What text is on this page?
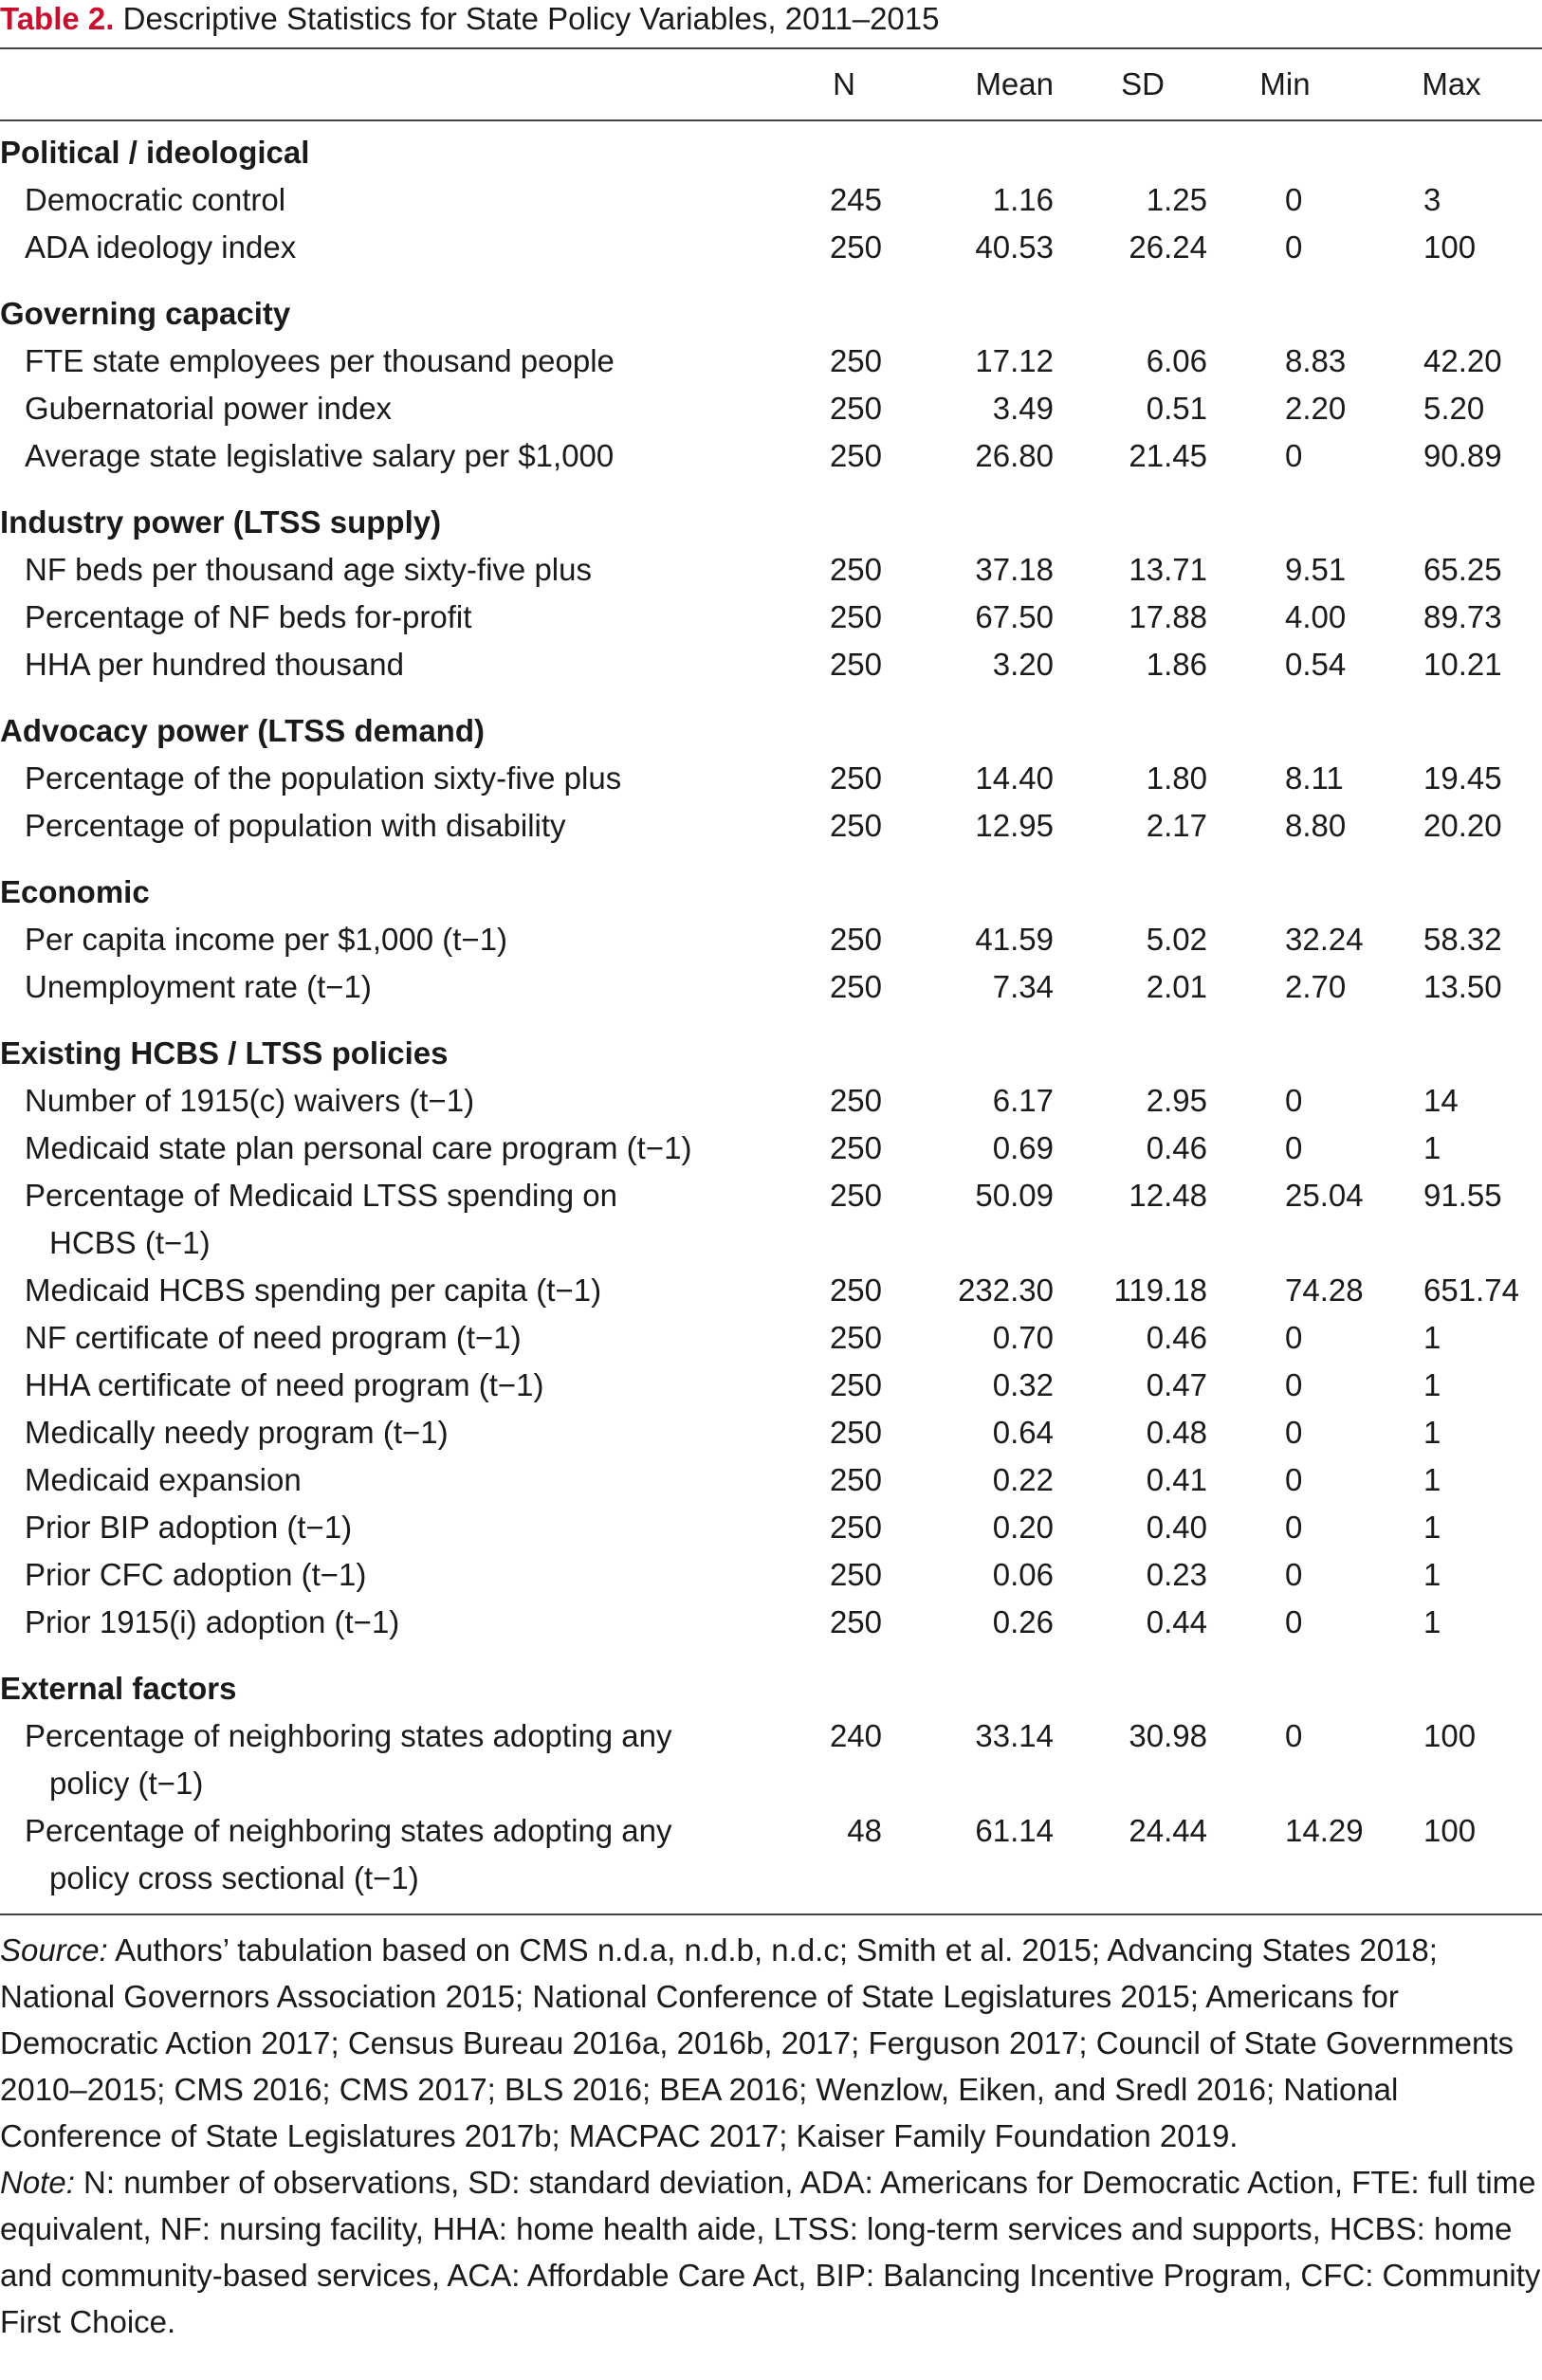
Table 2. Descriptive Statistics for State Policy Variables, 2011–2015
	N	Mean	SD	Min	Max
Political / ideological					
Democratic control	245	1.16	1.25	0	3
ADA ideology index	250	40.53	26.24	0	100
Governing capacity					
FTE state employees per thousand people	250	17.12	6.06	8.83	42.20
Gubernatorial power index	250	3.49	0.51	2.20	5.20
Average state legislative salary per $1,000	250	26.80	21.45	0	90.89
Industry power (LTSS supply)					
NF beds per thousand age sixty-five plus	250	37.18	13.71	9.51	65.25
Percentage of NF beds for-profit	250	67.50	17.88	4.00	89.73
HHA per hundred thousand	250	3.20	1.86	0.54	10.21
Advocacy power (LTSS demand)					
Percentage of the population sixty-five plus	250	14.40	1.80	8.11	19.45
Percentage of population with disability	250	12.95	2.17	8.80	20.20
Economic					
Per capita income per $1,000 (t−1)	250	41.59	5.02	32.24	58.32
Unemployment rate (t−1)	250	7.34	2.01	2.70	13.50
Existing HCBS / LTSS policies					
Number of 1915(c) waivers (t−1)	250	6.17	2.95	0	14
Medicaid state plan personal care program (t−1)	250	0.69	0.46	0	1
Percentage of Medicaid LTSS spending on
HCBS (t−1)	250	50.09	12.48	25.04	91.55
Medicaid HCBS spending per capita (t−1)	250	232.30	119.18	74.28	651.74
NF certificate of need program (t−1)	250	0.70	0.46	0	1
HHA certificate of need program (t−1)	250	0.32	0.47	0	1
Medically needy program (t−1)	250	0.64	0.48	0	1
Medicaid expansion	250	0.22	0.41	0	1
Prior BIP adoption (t−1)	250	0.20	0.40	0	1
Prior CFC adoption (t−1)	250	0.06	0.23	0	1
Prior 1915(i) adoption (t−1)	250	0.26	0.44	0	1
External factors					
Percentage of neighboring states adopting any
policy (t−1)	240	33.14	30.98	0	100
Percentage of neighboring states adopting any
policy cross sectional (t−1)	48	61.14	24.44	14.29	100

Source: Authors’ tabulation based on CMS n.d.a, n.d.b, n.d.c; Smith et al. 2015; Advancing States 2018; National Governors Association 2015; National Conference of State Legislatures 2015; Americans for Democratic Action 2017; Census Bureau 2016a, 2016b, 2017; Ferguson 2017; Council of State Governments 2010–2015; CMS 2016; CMS 2017; BLS 2016; BEA 2016; Wenzlow, Eiken, and Sredl 2016; National Conference of State Legislatures 2017b; MACPAC 2017; Kaiser Family Foundation 2019.

Note: N: number of observations, SD: standard deviation, ADA: Americans for Democratic Action, FTE: full time equivalent, NF: nursing facility, HHA: home health aide, LTSS: long-term services and supports, HCBS: home and community-based services, ACA: Affordable Care Act, BIP: Balancing Incentive Program, CFC: Community First Choice.
